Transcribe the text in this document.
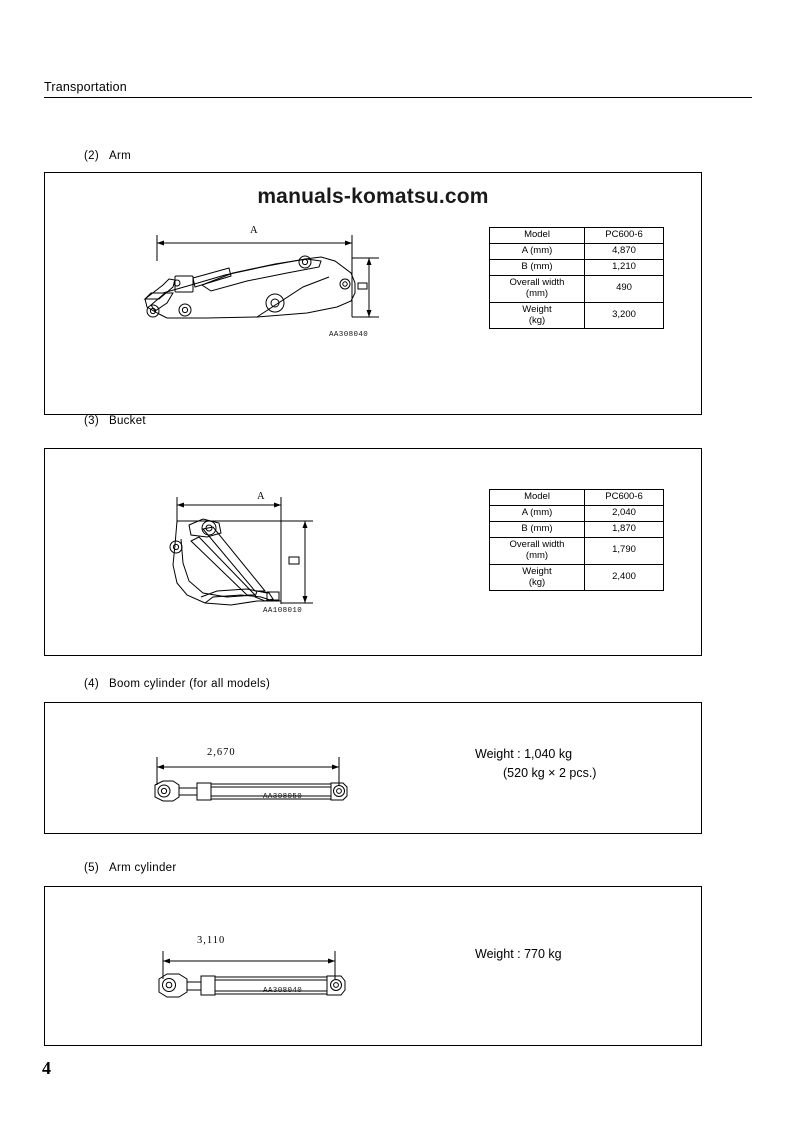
Transportation
(2) Arm
manuals-komatsu.com
A
AA308040
Model	PC600-6
A (mm)	4,870
B (mm)	1,210
Overall width
(mm)	490
Weight
(kg)	3,200
(3) Bucket
A
AA108010
Model	PC600-6
A (mm)	2,040
B (mm)	1,870
Overall width
(mm)	1,790
Weight
(kg)	2,400
(4) Boom cylinder (for all models)
2,670
AA308050
Weight : 1,040 kg
(520 kg × 2 pcs.)
(5) Arm cylinder
3,110
AA308040
Weight : 770 kg
4
